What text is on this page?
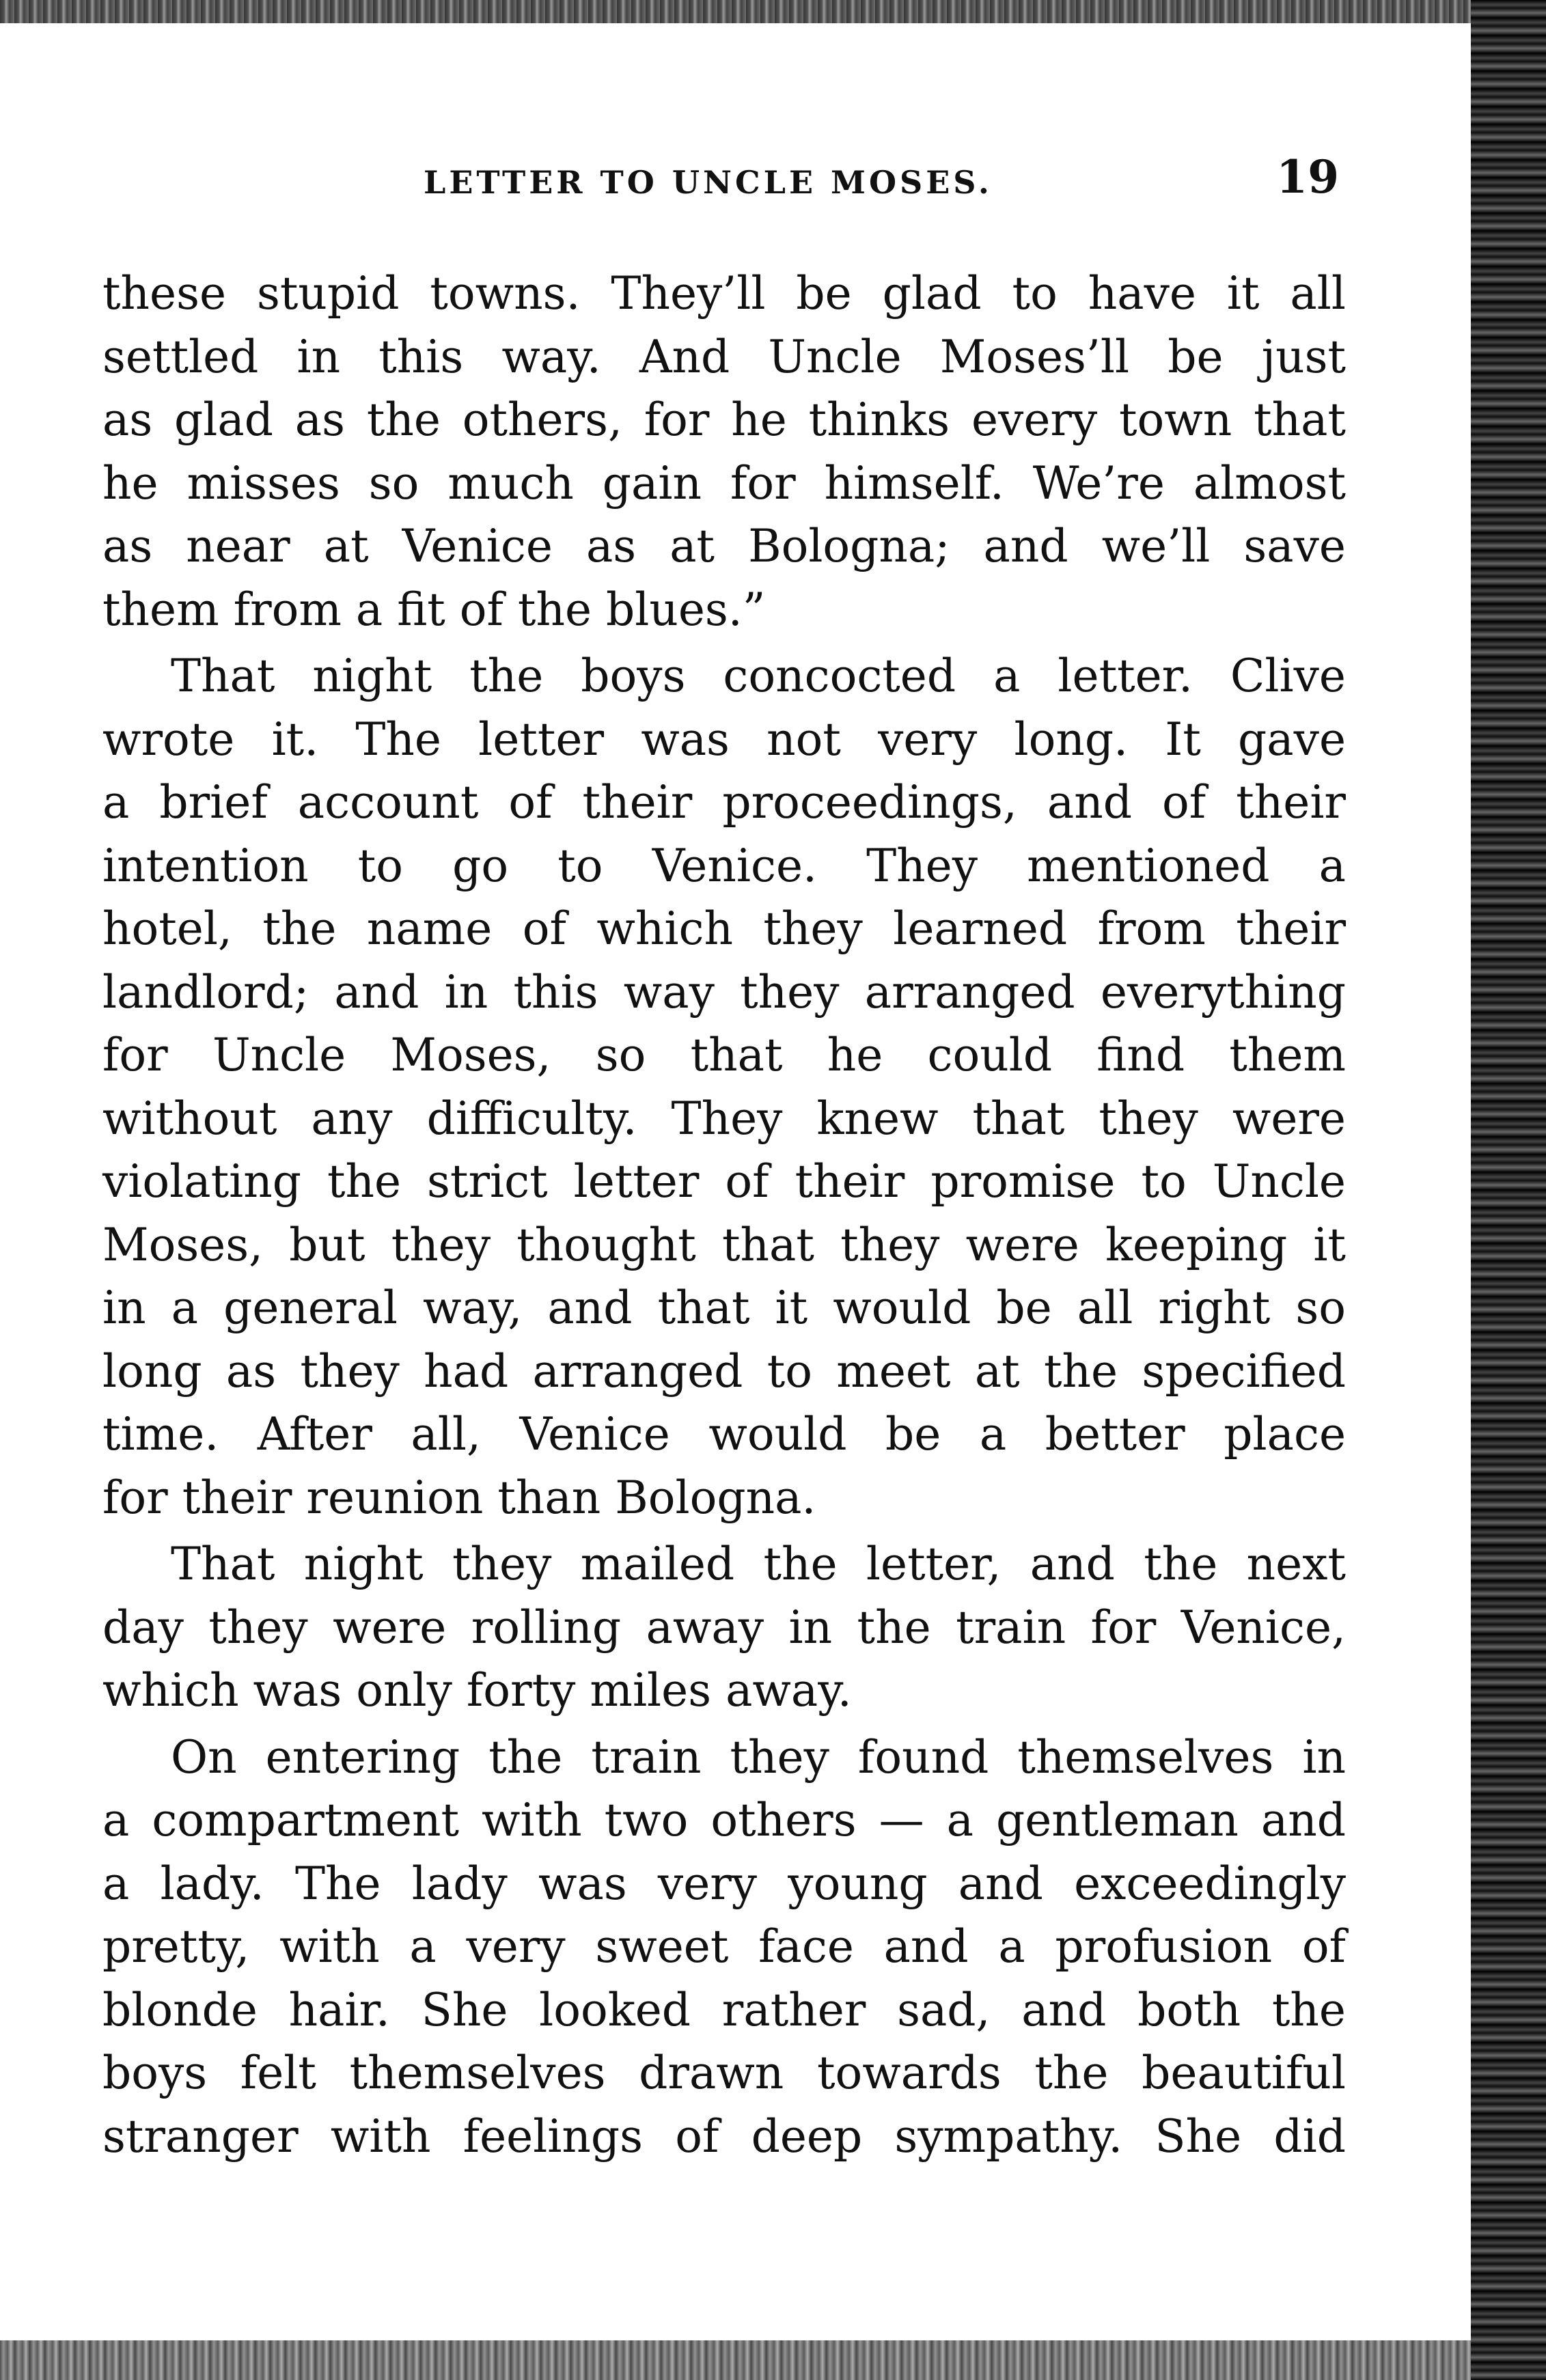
LETTER TO UNCLE MOSES.	19

these stupid towns. They’ll be glad to have it all
settled in this way. And Uncle Moses’ll be just
as glad as the others, for he thinks every town that
he misses so much gain for himself. We’re almost
as near at Venice as at Bologna; and we’ll save
them from a fit of the blues.”

That night the boys concocted a letter. Clive
wrote it. The letter was not very long. It gave
a brief account of their proceedings, and of their
intention to go to Venice. They mentioned a
hotel, the name of which they learned from their
landlord; and in this way they arranged everything
for Uncle Moses, so that he could find them
without any difficulty. They knew that they were
violating the strict letter of their promise to Uncle
Moses, but they thought that they were keeping it
in a general way, and that it would be all right so
long as they had arranged to meet at the specified
time. After all, Venice would be a better place
for their reunion than Bologna.

That night they mailed the letter, and the next
day they were rolling away in the train for Venice,
which was only forty miles away.

On entering the train they found themselves in
a compartment with two others — a gentleman and
a lady. The lady was very young and exceedingly
pretty, with a very sweet face and a profusion of
blonde hair. She looked rather sad, and both the
boys felt themselves drawn towards the beautiful
stranger with feelings of deep sympathy. She did
